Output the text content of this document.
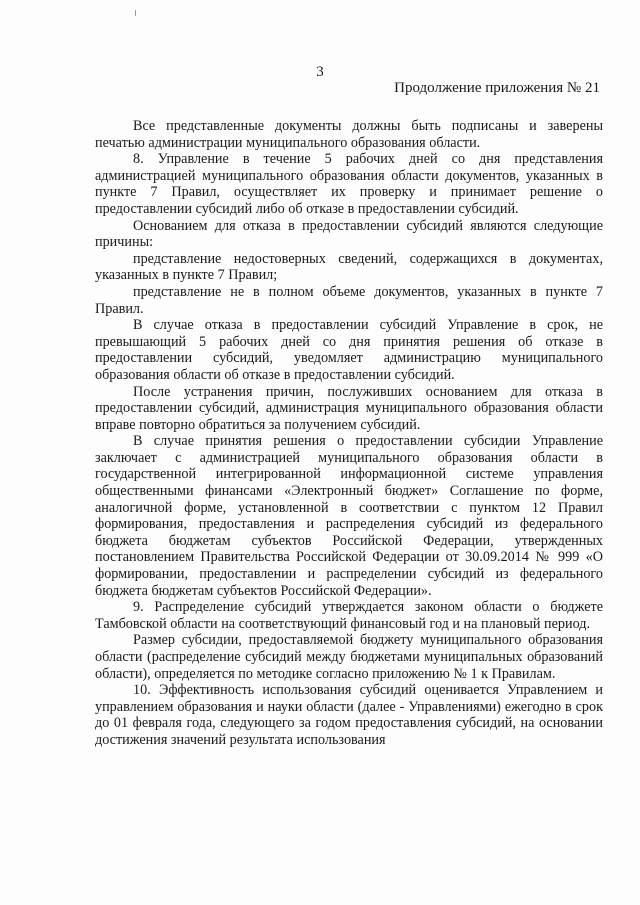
3
Продолжение приложения № 21

Все представленные документы должны быть подписаны и заверены печатью администрации муниципального образования области.

8. Управление в течение 5 рабочих дней со дня представления администрацией муниципального образования области документов, указанных в пункте 7 Правил, осуществляет их проверку и принимает решение о предоставлении субсидий либо об отказе в предоставлении субсидий.

Основанием для отказа в предоставлении субсидий являются следующие причины:

представление недостоверных сведений, содержащихся в документах, указанных в пункте 7 Правил;

представление не в полном объеме документов, указанных в пункте 7 Правил.

В случае отказа в предоставлении субсидий Управление в срок, не превышающий 5 рабочих дней со дня принятия решения об отказе в предоставлении субсидий, уведомляет администрацию муниципального образования области об отказе в предоставлении субсидий.

После устранения причин, послуживших основанием для отказа в предоставлении субсидий, администрация муниципального образования области вправе повторно обратиться за получением субсидий.

В случае принятия решения о предоставлении субсидии Управление заключает с администрацией муниципального образования области в государственной интегрированной информационной системе управления общественными финансами «Электронный бюджет» Соглашение по форме, аналогичной форме, установленной в соответствии с пунктом 12 Правил формирования, предоставления и распределения субсидий из федерального бюджета бюджетам субъектов Российской Федерации, утвержденных постановлением Правительства Российской Федерации от 30.09.2014 № 999 «О формировании, предоставлении и распределении субсидий из федерального бюджета бюджетам субъектов Российской Федерации».

9. Распределение субсидий утверждается законом области о бюджете Тамбовской области на соответствующий финансовый год и на плановый период.

Размер субсидии, предоставляемой бюджету муниципального образования области (распределение субсидий между бюджетами муниципальных образований области), определяется по методике согласно приложению № 1 к Правилам.

10. Эффективность использования субсидий оценивается Управлением и управлением образования и науки области (далее - Управлениями) ежегодно в срок до 01 февраля года, следующего за годом предоставления субсидий, на основании достижения значений результата использования
